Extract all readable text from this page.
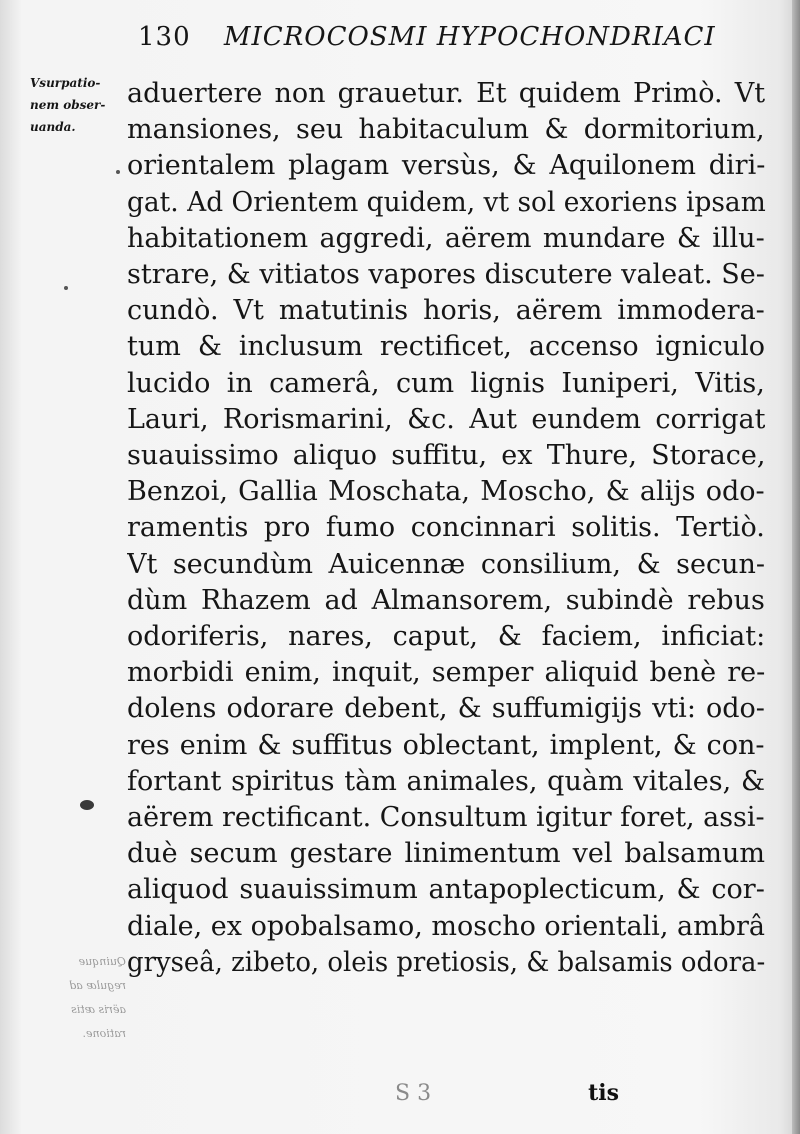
130 MICROCOSMI HYPOCHONDRIACI
Vsurpatio-
nem obser-
uanda.
Quinque
regulæ ad
aëris ætis
ratione.
aduertere non grauetur. Et quidem Primò. Vt
mansiones, seu habitaculum & dormitorium,
orientalem plagam versùs, & Aquilonem diri-
gat. Ad Orientem quidem, vt sol exoriens ipsam
habitationem aggredi, aërem mundare & illu-
strare, & vitiatos vapores discutere valeat. Se-
cundò. Vt matutinis horis, aërem immodera-
tum & inclusum rectificet, accenso igniculo
lucido in camerâ, cum lignis Iuniperi, Vitis,
Lauri, Rorismarini, &c. Aut eundem corrigat
suauissimo aliquo suffitu, ex Thure, Storace,
Benzoi, Gallia Moschata, Moscho, & alijs odo-
ramentis pro fumo concinnari solitis. Tertiò.
Vt secundùm Auicennæ consilium, & secun-
dùm Rhazem ad Almansorem, subindè rebus
odoriferis, nares, caput, & faciem, inficiat:
morbidi enim, inquit, semper aliquid benè re-
dolens odorare debent, & suffumigijs vti: odo-
res enim & suffitus oblectant, implent, & con-
fortant spiritus tàm animales, quàm vitales, &
aërem rectificant. Consultum igitur foret, assi-
duè secum gestare linimentum vel balsamum
aliquod suauissimum antapoplecticum, & cor-
diale, ex opobalsamo, moscho orientali, ambrâ
gryseâ, zibeto, oleis pretiosis, & balsamis odora-
S 3	tis
